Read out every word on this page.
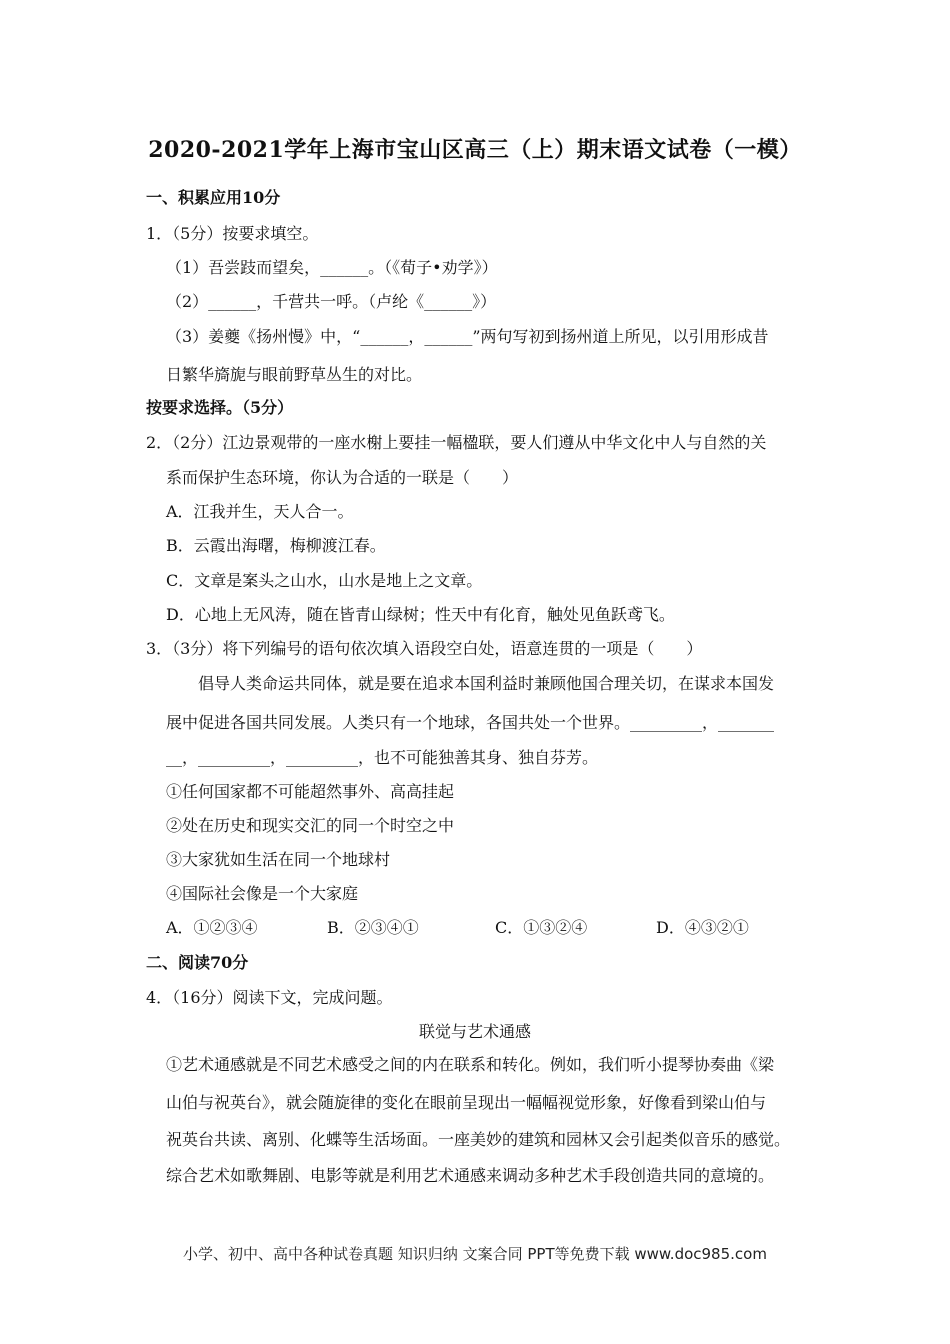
2020-2021学年上海市宝山区高三（上）期末语文试卷（一模）
一、积累应用10分
1．（5分）按要求填空。
（1）吾尝跂而望矣，______。（《荀子•劝学》）
（2）______，千营共一呼。（卢纶《______》）
（3）姜夔《扬州慢》中，“______，______”两句写初到扬州道上所见，以引用形成昔
日繁华旖旎与眼前野草丛生的对比。
按要求选择。（5分）
2．（2分）江边景观带的一座水榭上要挂一幅楹联，要人们遵从中华文化中人与自然的关
系而保护生态环境，你认为合适的一联是（　　）
A．江我并生，天人合一。
B．云霞出海曙，梅柳渡江春。
C．文章是案头之山水，山水是地上之文章。
D．心地上无风涛，随在皆青山绿树；性天中有化育，触处见鱼跃鸢飞。
3．（3分）将下列编号的语句依次填入语段空白处，语意连贯的一项是（　　）
倡导人类命运共同体，就是要在追求本国利益时兼顾他国合理关切，在谋求本国发
展中促进各国共同发展。人类只有一个地球，各国共处一个世界。_________，_______
__，_________，_________，也不可能独善其身、独自芬芳。
①任何国家都不可能超然事外、高高挂起
②处在历史和现实交汇的同一个时空之中
③大家犹如生活在同一个地球村
④国际社会像是一个大家庭
A．①②③④	B．②③④①	C．①③②④	D．④③②①
二、阅读70分
4．（16分）阅读下文，完成问题。
联觉与艺术通感
①艺术通感就是不同艺术感受之间的内在联系和转化。例如，我们听小提琴协奏曲《梁
山伯与祝英台》，就会随旋律的变化在眼前呈现出一幅幅视觉形象，好像看到梁山伯与
祝英台共读、离别、化蝶等生活场面。一座美妙的建筑和园林又会引起类似音乐的感觉。
综合艺术如歌舞剧、电影等就是利用艺术通感来调动多种艺术手段创造共同的意境的。
小学、初中、高中各种试卷真题 知识归纳 文案合同 PPT等免费下载 www.doc985.com
